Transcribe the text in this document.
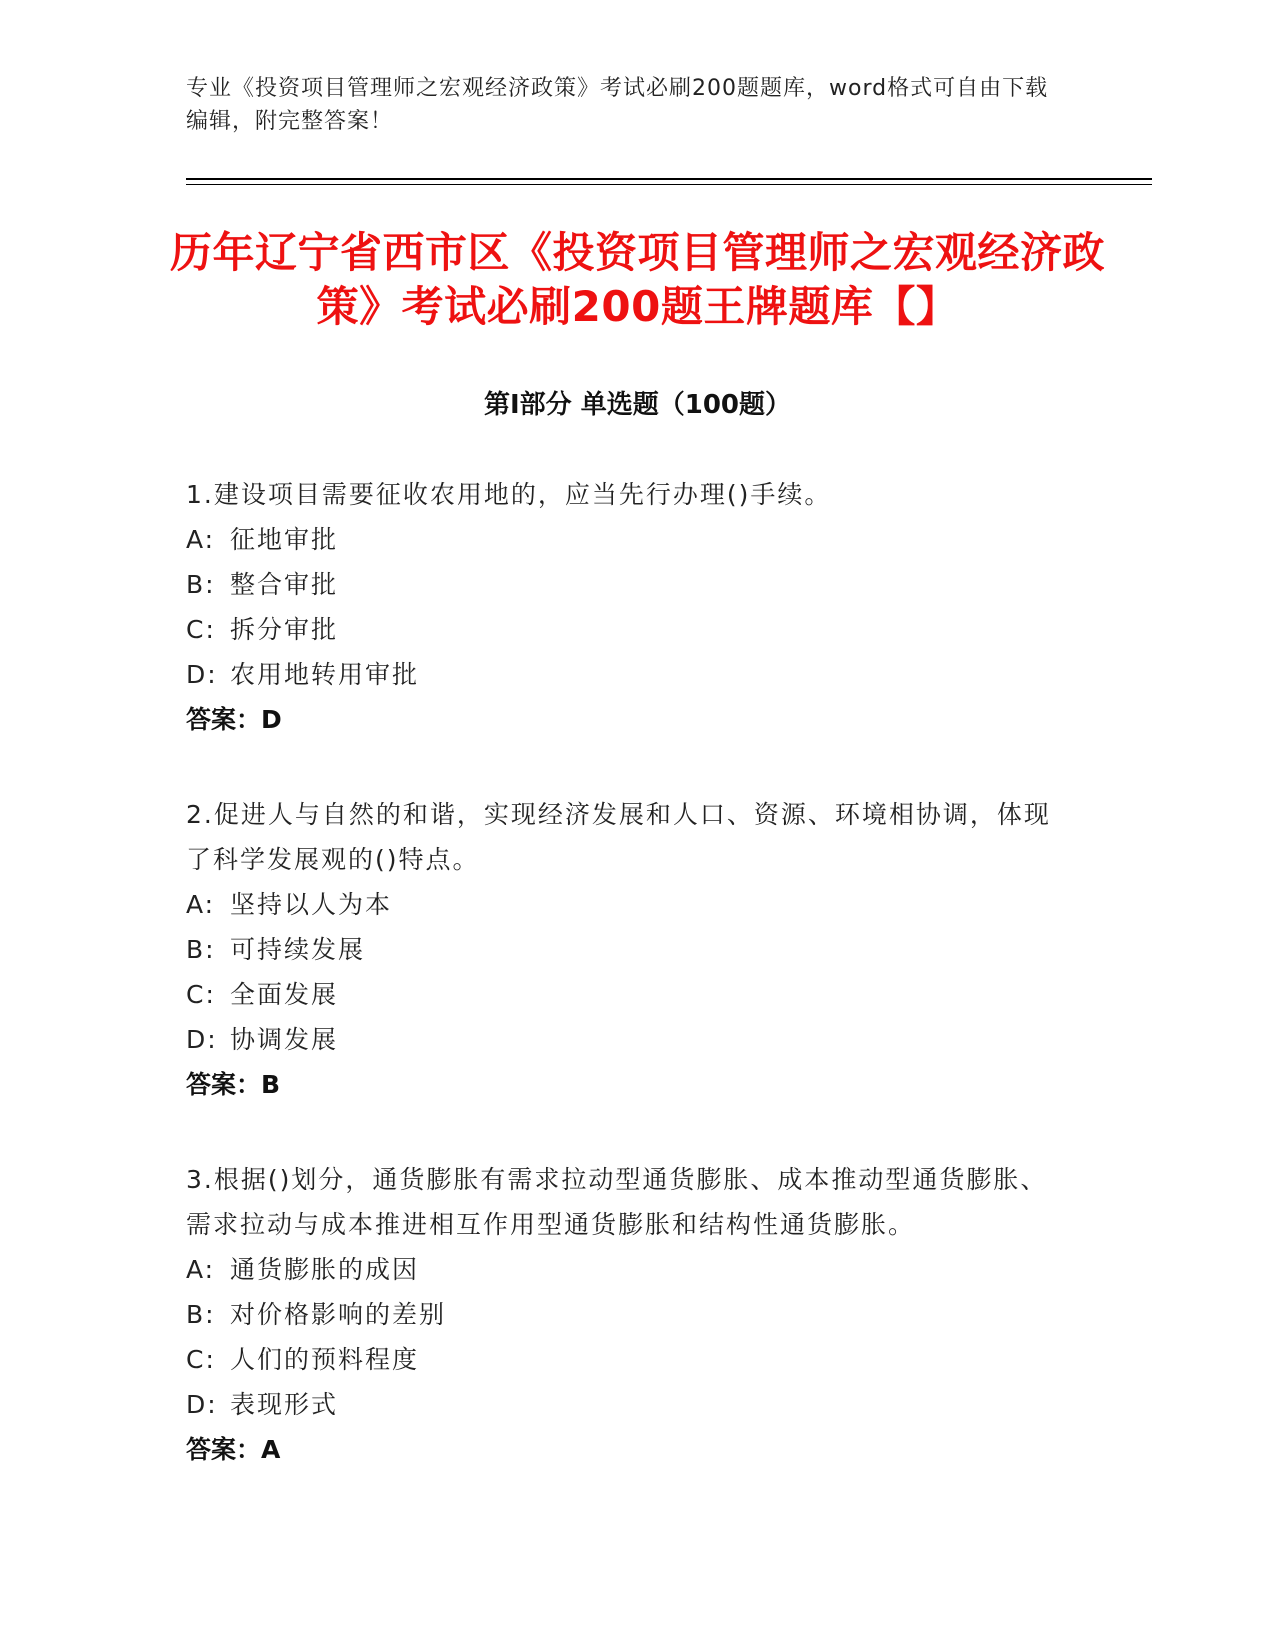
专业《投资项目管理师之宏观经济政策》考试必刷200题题库，word格式可自由下载编辑，附完整答案！
历年辽宁省西市区《投资项目管理师之宏观经济政策》考试必刷200题王牌题库【】
第I部分 单选题（100题）
1.建设项目需要征收农用地的，应当先行办理()手续。
A: 征地审批
B: 整合审批
C: 拆分审批
D: 农用地转用审批
答案：D
2.促进人与自然的和谐，实现经济发展和人口、资源、环境相协调，体现了科学发展观的()特点。
A: 坚持以人为本
B: 可持续发展
C: 全面发展
D: 协调发展
答案：B
3.根据()划分，通货膨胀有需求拉动型通货膨胀、成本推动型通货膨胀、需求拉动与成本推进相互作用型通货膨胀和结构性通货膨胀。
A: 通货膨胀的成因
B: 对价格影响的差别
C: 人们的预料程度
D: 表现形式
答案：A
